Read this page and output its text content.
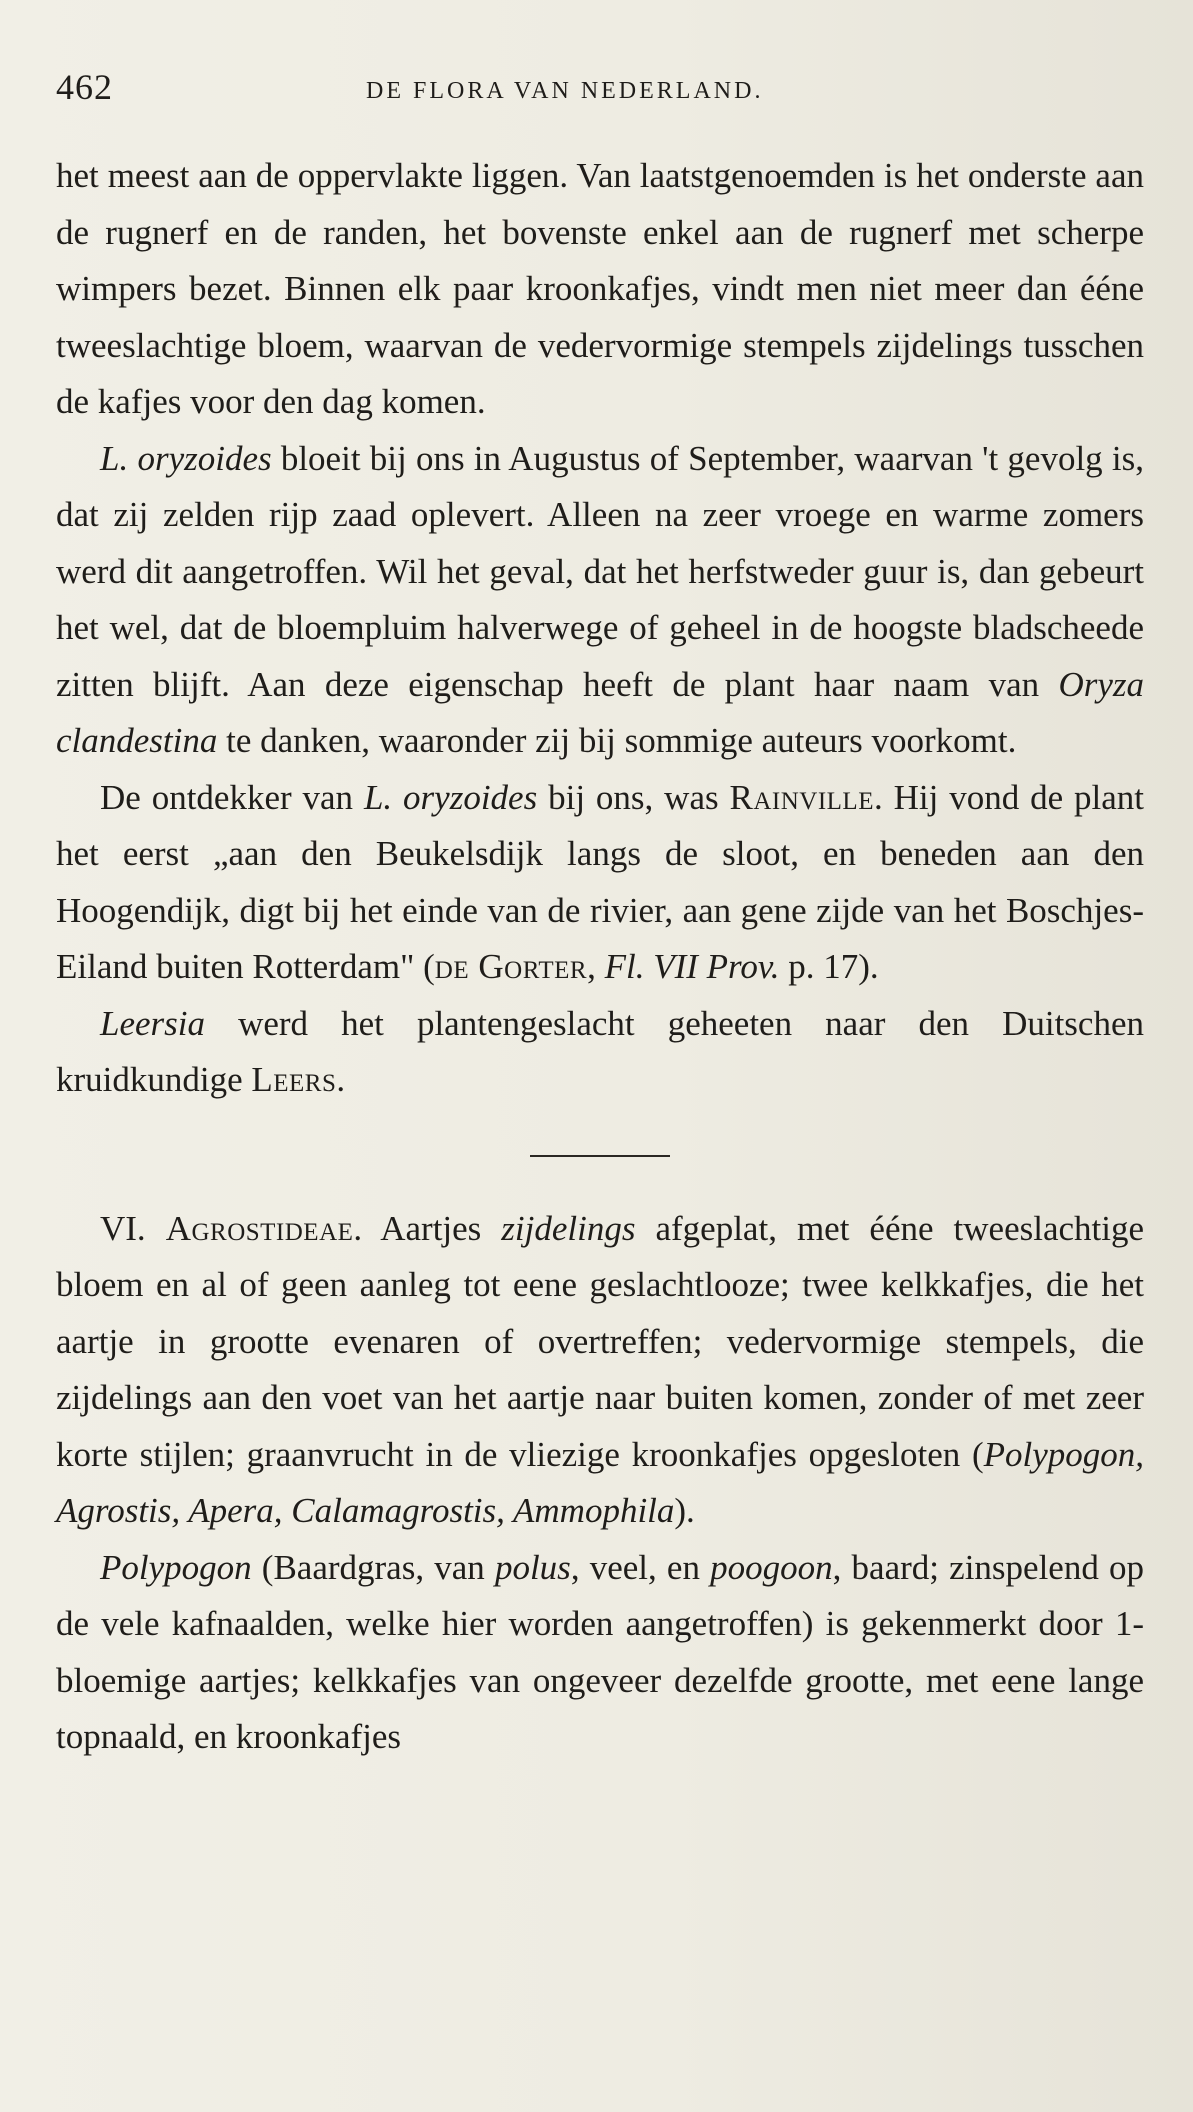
462	DE FLORA VAN NEDERLAND.

het meest aan de oppervlakte liggen. Van laatstgenoemden is het onderste aan de rugnerf en de randen, het bovenste enkel aan de rugnerf met scherpe wimpers bezet. Binnen elk paar kroonkafjes, vindt men niet meer dan ééne tweeslachtige bloem, waarvan de vedervormige stempels zijdelings tusschen de kafjes voor den dag komen.

L. oryzoides bloeit bij ons in Augustus of September, waarvan 't gevolg is, dat zij zelden rijp zaad oplevert. Alleen na zeer vroege en warme zomers werd dit aangetroffen. Wil het geval, dat het herfstweder guur is, dan gebeurt het wel, dat de bloempluim halverwege of geheel in de hoogste bladscheede zitten blijft. Aan deze eigenschap heeft de plant haar naam van Oryza clandestina te danken, waaronder zij bij sommige auteurs voorkomt.

De ontdekker van L. oryzoides bij ons, was Rainville. Hij vond de plant het eerst „aan den Beukelsdijk langs de sloot, en beneden aan den Hoogendijk, digt bij het einde van de rivier, aan gene zijde van het Boschjes-Eiland buiten Rotterdam" (de Gorter, Fl. VII Prov. p. 17).

Leersia werd het plantengeslacht geheeten naar den Duitschen kruidkundige Leers.

VI. Agrostideae. Aartjes zijdelings afgeplat, met ééne tweeslachtige bloem en al of geen aanleg tot eene geslachtlooze; twee kelkkafjes, die het aartje in grootte evenaren of overtreffen; vedervormige stempels, die zijdelings aan den voet van het aartje naar buiten komen, zonder of met zeer korte stijlen; graanvrucht in de vliezige kroonkafjes opgesloten (Polypogon, Agrostis, Apera, Calamagrostis, Ammophila).

Polypogon (Baardgras, van polus, veel, en poogoon, baard; zinspelend op de vele kafnaalden, welke hier worden aangetroffen) is gekenmerkt door 1-bloemige aartjes; kelkkafjes van ongeveer dezelfde grootte, met eene lange topnaald, en kroonkafjes
